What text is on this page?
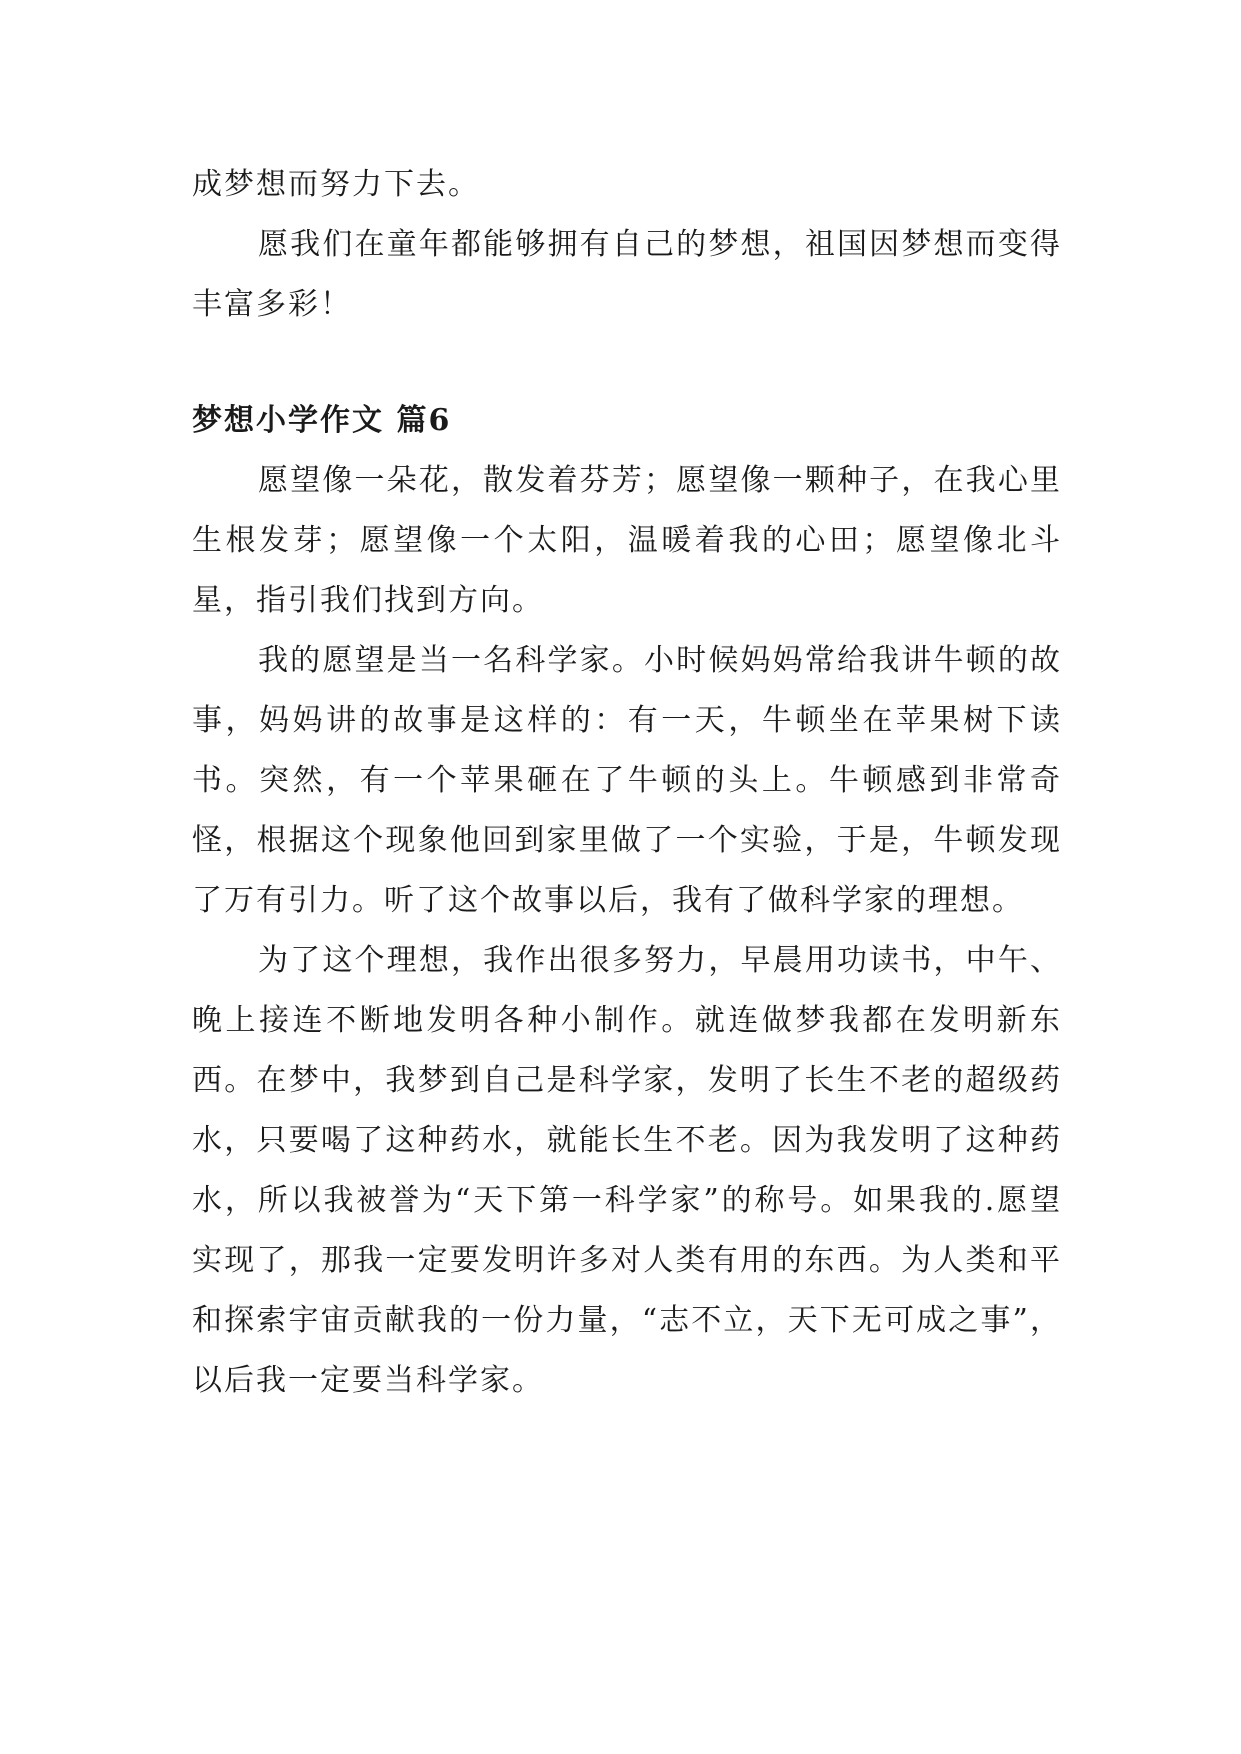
成梦想而努力下去。

愿我们在童年都能够拥有自己的梦想，祖国因梦想而变得丰富多彩！

梦想小学作文 篇6

愿望像一朵花，散发着芬芳；愿望像一颗种子，在我心里生根发芽；愿望像一个太阳，温暖着我的心田；愿望像北斗星，指引我们找到方向。

我的愿望是当一名科学家。小时候妈妈常给我讲牛顿的故事，妈妈讲的故事是这样的：有一天，牛顿坐在苹果树下读书。突然，有一个苹果砸在了牛顿的头上。牛顿感到非常奇怪，根据这个现象他回到家里做了一个实验，于是，牛顿发现了万有引力。听了这个故事以后，我有了做科学家的理想。

为了这个理想，我作出很多努力，早晨用功读书，中午、晚上接连不断地发明各种小制作。就连做梦我都在发明新东西。在梦中，我梦到自己是科学家，发明了长生不老的超级药水，只要喝了这种药水，就能长生不老。因为我发明了这种药水，所以我被誉为“天下第一科学家”的称号。如果我的.愿望实现了，那我一定要发明许多对人类有用的东西。为人类和平和探索宇宙贡献我的一份力量，“志不立，天下无可成之事”，以后我一定要当科学家。
